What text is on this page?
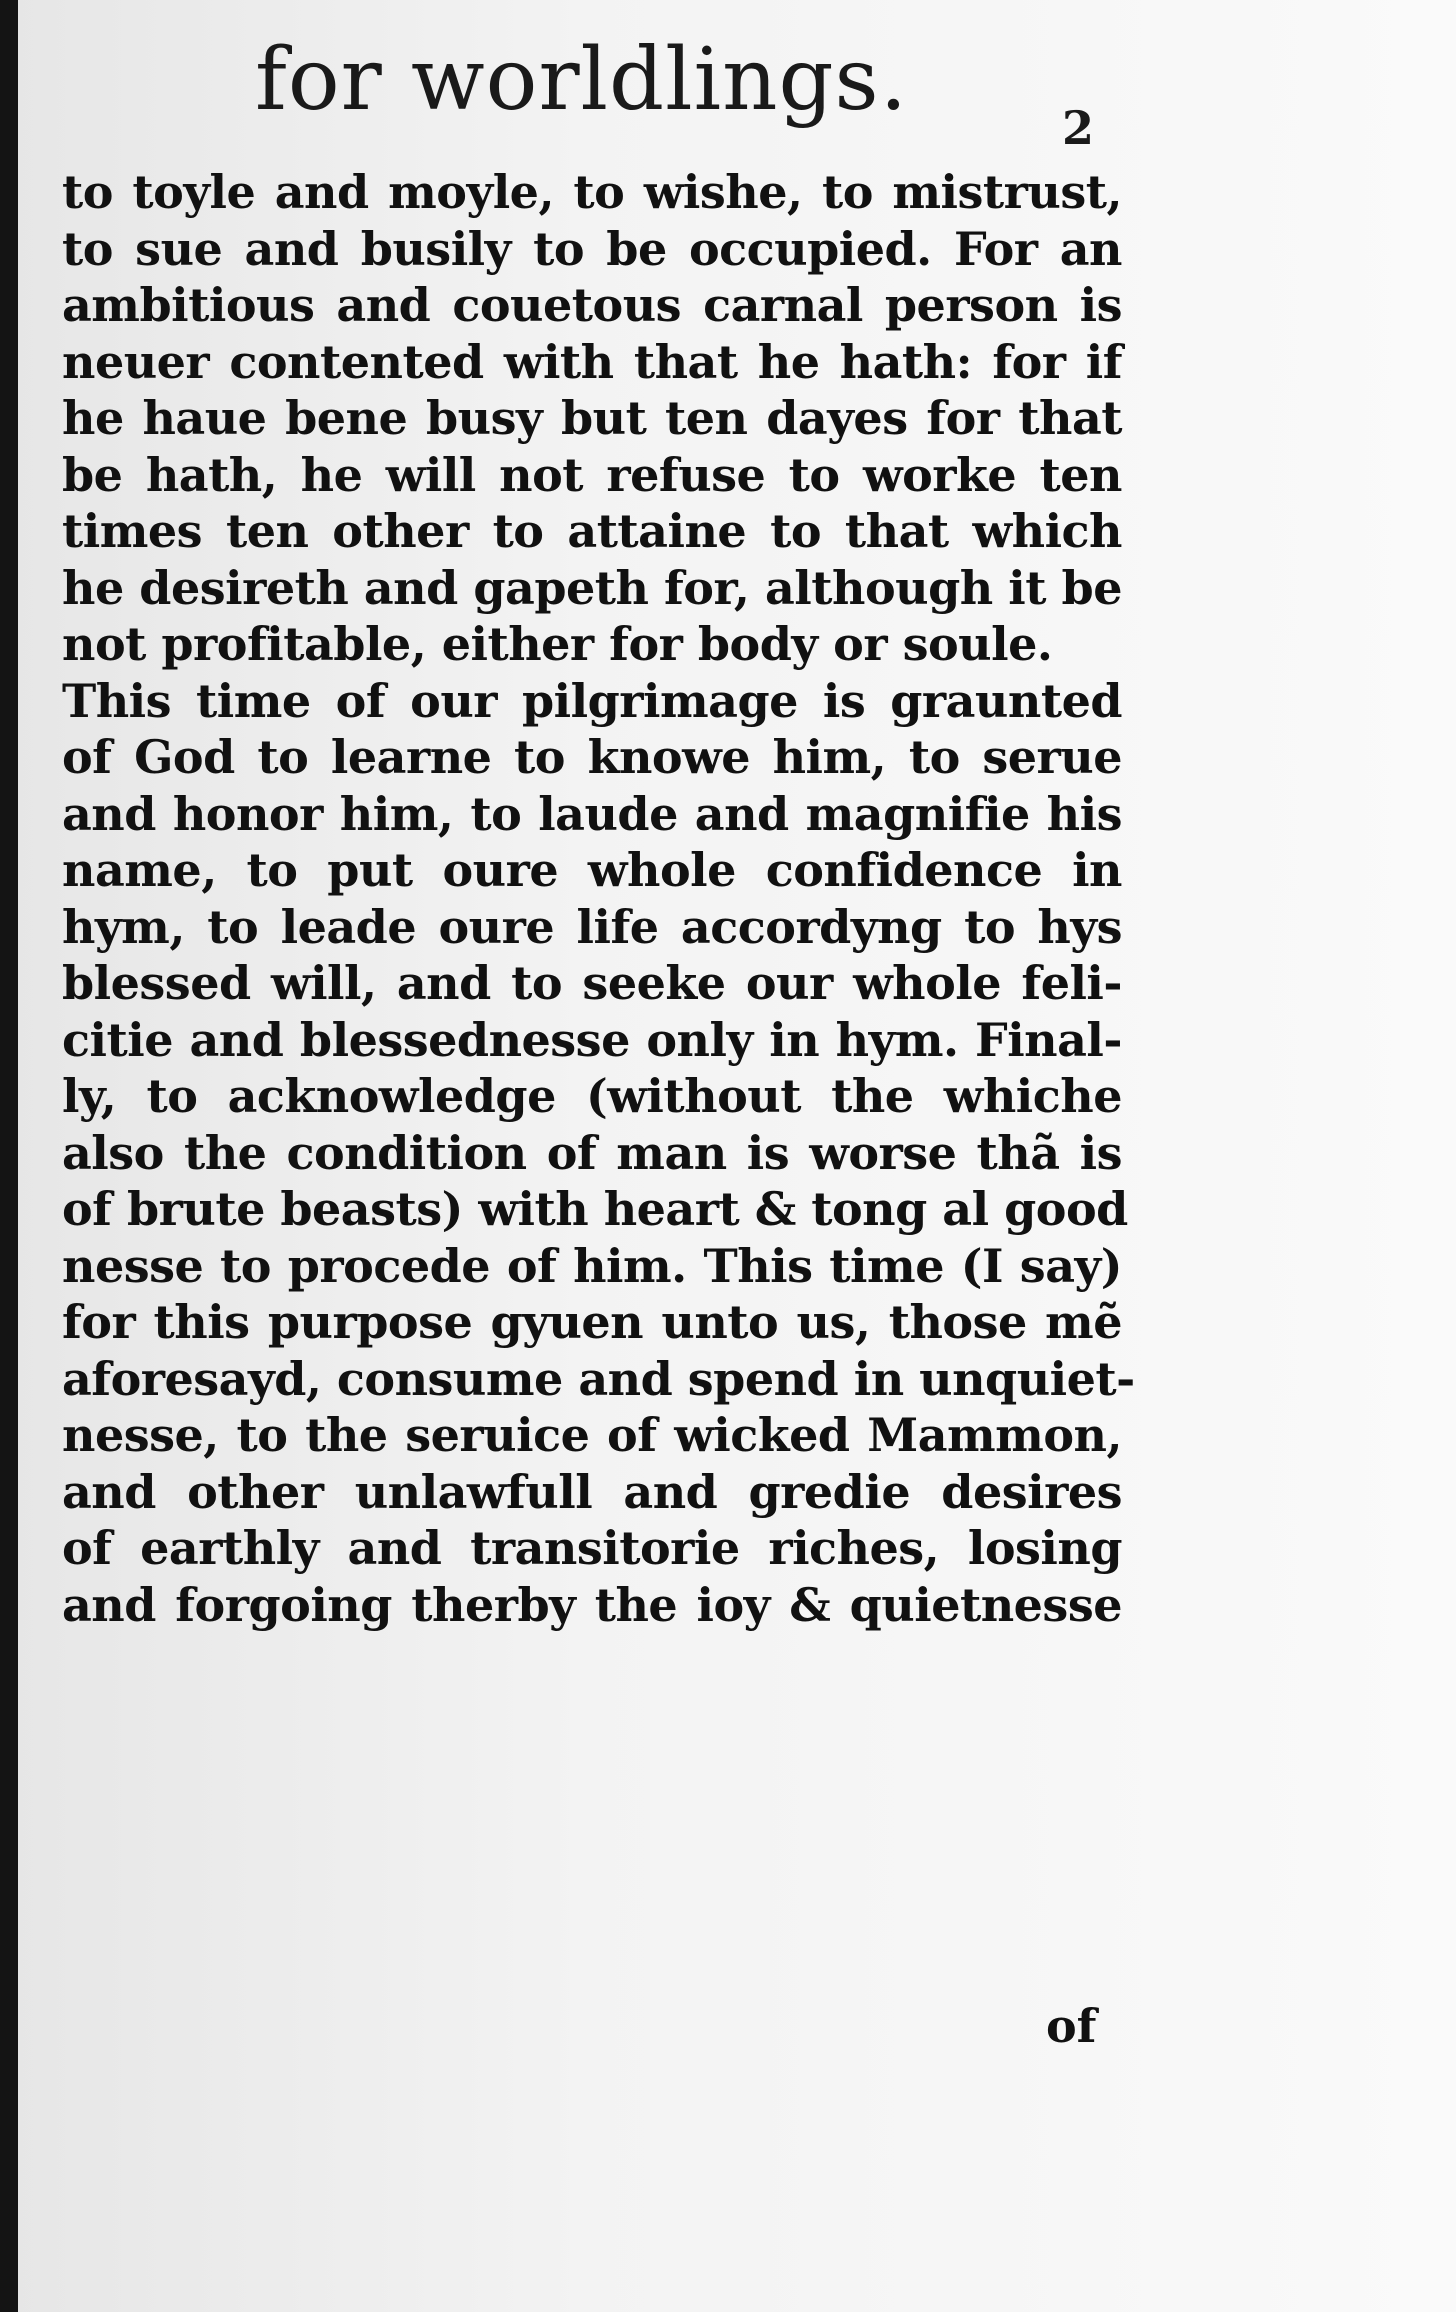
for worldlings.	2
to toyle and moyle, to wishe, to mistrust,
to sue and busily to be occupied. For an
ambitious and couetous carnal person is
neuer contented with that he hath: for if
he haue bene busy but ten dayes for that
be hath, he will not refuse to worke ten
times ten other to attaine to that which
he desireth and gapeth for, although it be
not profitable, either for body or soule.
This time of our pilgrimage is graunted
of God to learne to knowe him, to serue
and honor him, to laude and magnifie his
name, to put oure whole confidence in
hym, to leade oure life accordyng to hys
blessed will, and to seeke our whole feli-
citie and blessednesse only in hym. Final-
ly, to acknowledge (without the whiche
also the condition of man is worse thã is
of brute beasts) with heart & tong al good
nesse to procede of him. This time (I say)
for this purpose gyuen unto us, those mẽ
aforesayd, consume and spend in unquiet-
nesse, to the seruice of wicked Mammon,
and other unlawfull and gredie desires
of earthly and transitorie riches, losing
and forgoing therby the ioy & quietnesse
of
